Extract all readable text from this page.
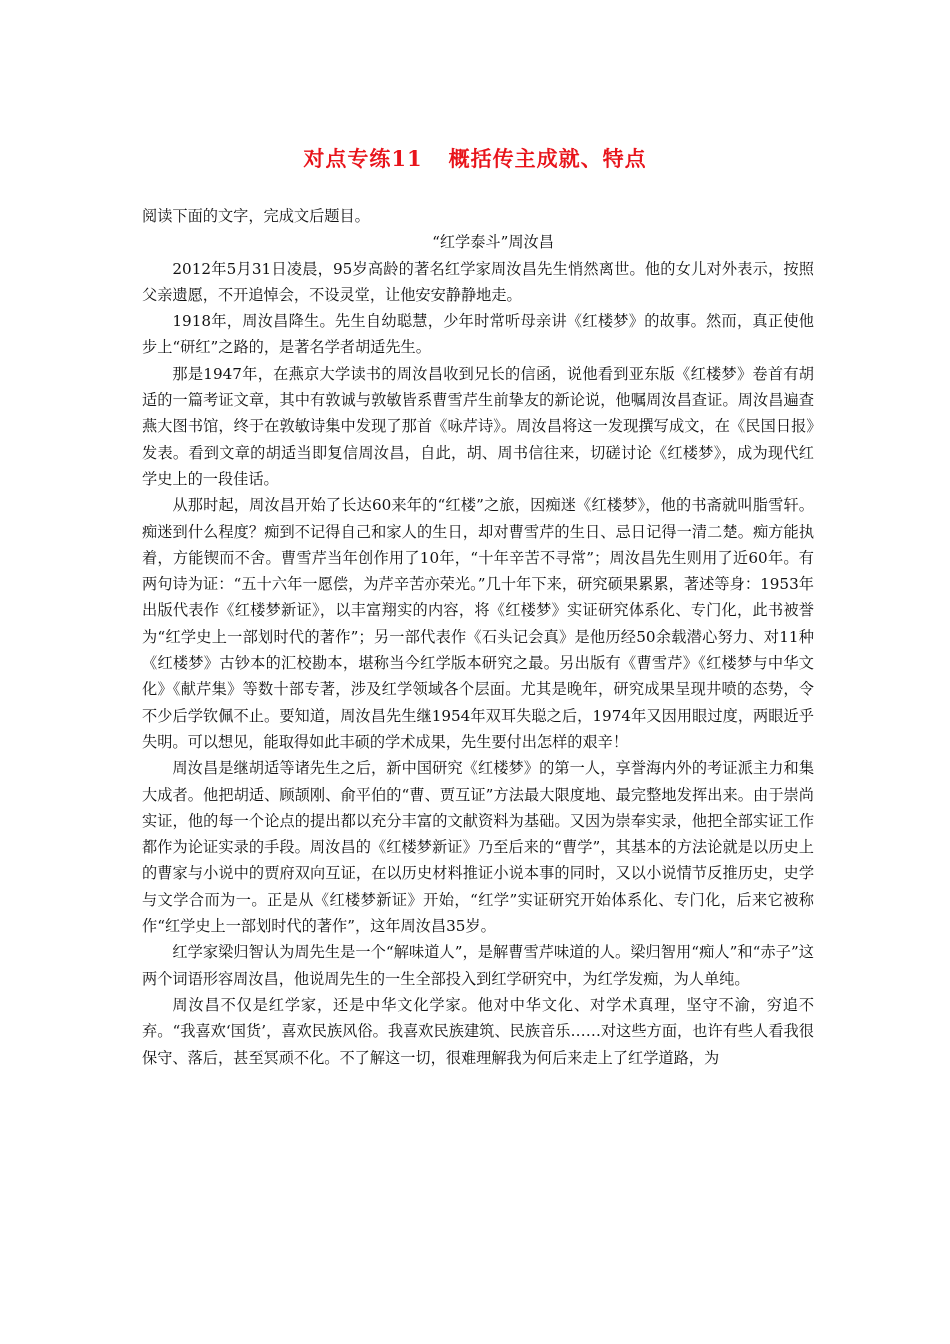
对点专练11 概括传主成就、特点

阅读下面的文字，完成文后题目。

“红学泰斗”周汝昌

2012年5月31日凌晨，95岁高龄的著名红学家周汝昌先生悄然离世。他的女儿对外表示，按照父亲遗愿，不开追悼会，不设灵堂，让他安安静静地走。

1918年，周汝昌降生。先生自幼聪慧，少年时常听母亲讲《红楼梦》的故事。然而，真正使他步上“研红”之路的，是著名学者胡适先生。

那是1947年，在燕京大学读书的周汝昌收到兄长的信函，说他看到亚东版《红楼梦》卷首有胡适的一篇考证文章，其中有敦诚与敦敏皆系曹雪芹生前挚友的新论说，他嘱周汝昌查证。周汝昌遍查燕大图书馆，终于在敦敏诗集中发现了那首《咏芹诗》。周汝昌将这一发现撰写成文，在《民国日报》发表。看到文章的胡适当即复信周汝昌，自此，胡、周书信往来，切磋讨论《红楼梦》，成为现代红学史上的一段佳话。

从那时起，周汝昌开始了长达60来年的“红楼”之旅，因痴迷《红楼梦》，他的书斋就叫脂雪轩。痴迷到什么程度？痴到不记得自己和家人的生日，却对曹雪芹的生日、忌日记得一清二楚。痴方能执着，方能锲而不舍。曹雪芹当年创作用了10年，“十年辛苦不寻常”；周汝昌先生则用了近60年。有两句诗为证：“五十六年一愿偿，为芹辛苦亦荣光。”几十年下来，研究硕果累累，著述等身：1953年出版代表作《红楼梦新证》，以丰富翔实的内容，将《红楼梦》实证研究体系化、专门化，此书被誉为“红学史上一部划时代的著作”；另一部代表作《石头记会真》是他历经50余载潜心努力、对11种《红楼梦》古钞本的汇校勘本，堪称当今红学版本研究之最。另出版有《曹雪芹》《红楼梦与中华文化》《献芹集》等数十部专著，涉及红学领域各个层面。尤其是晚年，研究成果呈现井喷的态势，令不少后学钦佩不止。要知道，周汝昌先生继1954年双耳失聪之后，1974年又因用眼过度，两眼近乎失明。可以想见，能取得如此丰硕的学术成果，先生要付出怎样的艰辛！

周汝昌是继胡适等诸先生之后，新中国研究《红楼梦》的第一人，享誉海内外的考证派主力和集大成者。他把胡适、顾颉刚、俞平伯的“曹、贾互证”方法最大限度地、最完整地发挥出来。由于崇尚实证，他的每一个论点的提出都以充分丰富的文献资料为基础。又因为崇奉实录，他把全部实证工作都作为论证实录的手段。周汝昌的《红楼梦新证》乃至后来的“曹学”，其基本的方法论就是以历史上的曹家与小说中的贾府双向互证，在以历史材料推证小说本事的同时，又以小说情节反推历史，史学与文学合而为一。正是从《红楼梦新证》开始，“红学”实证研究开始体系化、专门化，后来它被称作“红学史上一部划时代的著作”，这年周汝昌35岁。

红学家梁归智认为周先生是一个“解味道人”，是解曹雪芹味道的人。梁归智用“痴人”和“赤子”这两个词语形容周汝昌，他说周先生的一生全部投入到红学研究中，为红学发痴，为人单纯。

周汝昌不仅是红学家，还是中华文化学家。他对中华文化、对学术真理，坚守不渝，穷追不弃。“我喜欢‘国货’，喜欢民族风俗。我喜欢民族建筑、民族音乐……对这些方面，也许有些人看我很保守、落后，甚至冥顽不化。不了解这一切，很难理解我为何后来走上了红学道路，为
